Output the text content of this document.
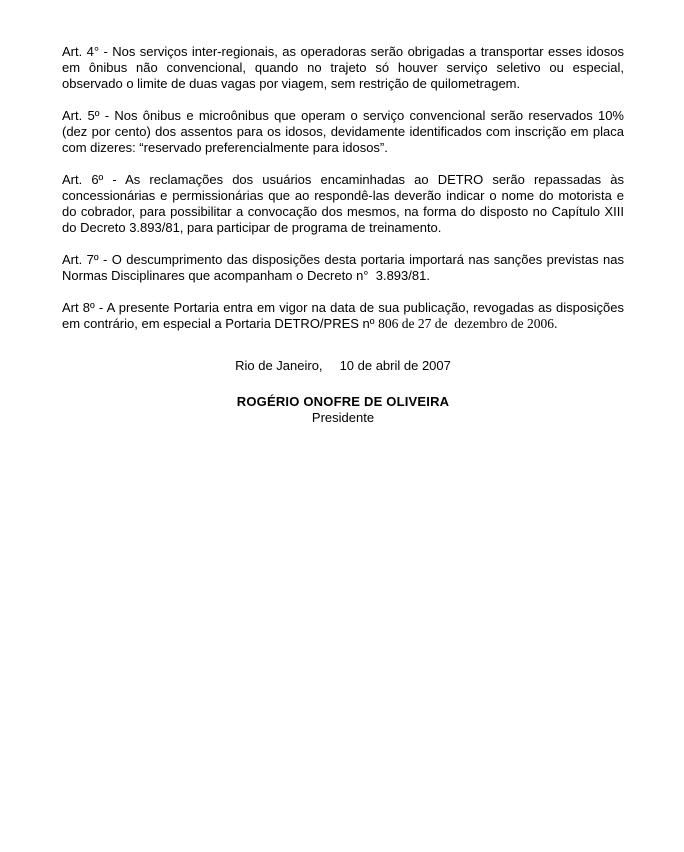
Art. 4° - Nos serviços inter-regionais, as operadoras serão obrigadas a transportar esses idosos em ônibus não convencional, quando no trajeto só houver serviço seletivo ou especial, observado o limite de duas vagas por viagem, sem restrição de quilometragem.

Art. 5º - Nos ônibus e microônibus que operam o serviço convencional serão reservados 10% (dez por cento) dos assentos para os idosos, devidamente identificados com inscrição em placa com dizeres: “reservado preferencialmente para idosos”.

Art. 6º - As reclamações dos usuários encaminhadas ao DETRO serão repassadas às concessionárias e permissionárias que ao respondê-las deverão indicar o nome do motorista e do cobrador, para possibilitar a convocação dos mesmos, na forma do disposto no Capítulo XIII do Decreto 3.893/81, para participar de programa de treinamento.

Art. 7º - O descumprimento das disposições desta portaria importará nas sanções previstas nas Normas Disciplinares que acompanham o Decreto n°  3.893/81.

Art 8º - A presente Portaria entra em vigor na data de sua publicação, revogadas as disposições em contrário, em especial a Portaria DETRO/PRES nº 806 de 27 de  dezembro de 2006.

Rio de Janeiro, 10 de abril de 2007
ROGÉRIO ONOFRE DE OLIVEIRA
Presidente
